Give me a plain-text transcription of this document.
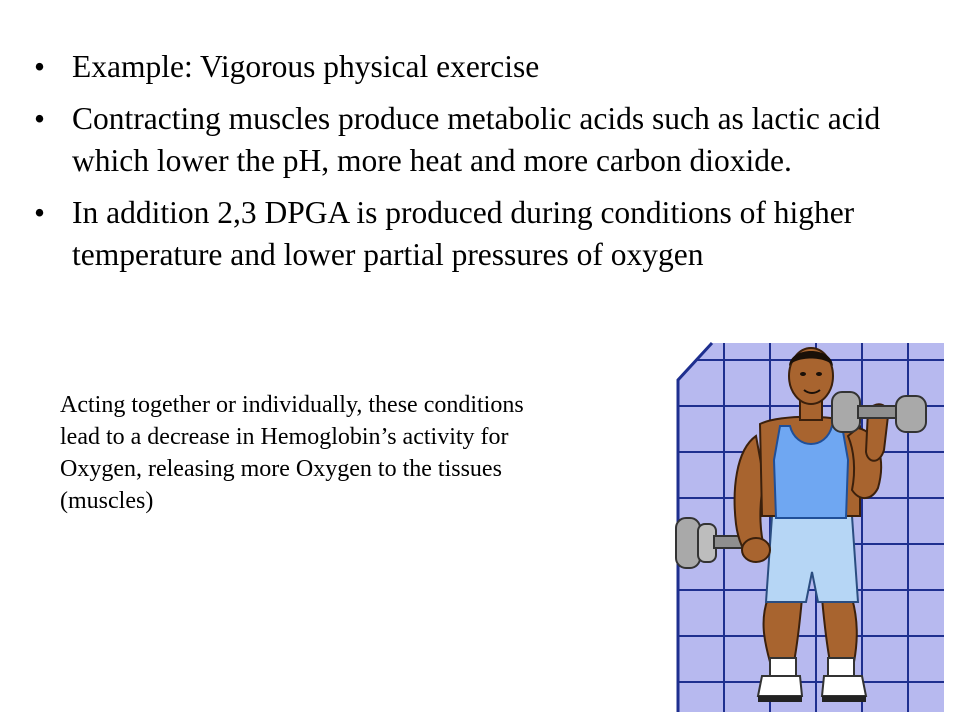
• Example: Vigorous physical exercise
• Contracting muscles produce metabolic acids such as lactic acid which lower the pH, more heat and more carbon dioxide.
• In addition 2,3 DPGA is produced during conditions of higher temperature and lower partial pressures of oxygen
Acting together or individually, these conditions lead to a decrease in Hemoglobin’s activity for Oxygen, releasing more Oxygen to the tissues (muscles)
